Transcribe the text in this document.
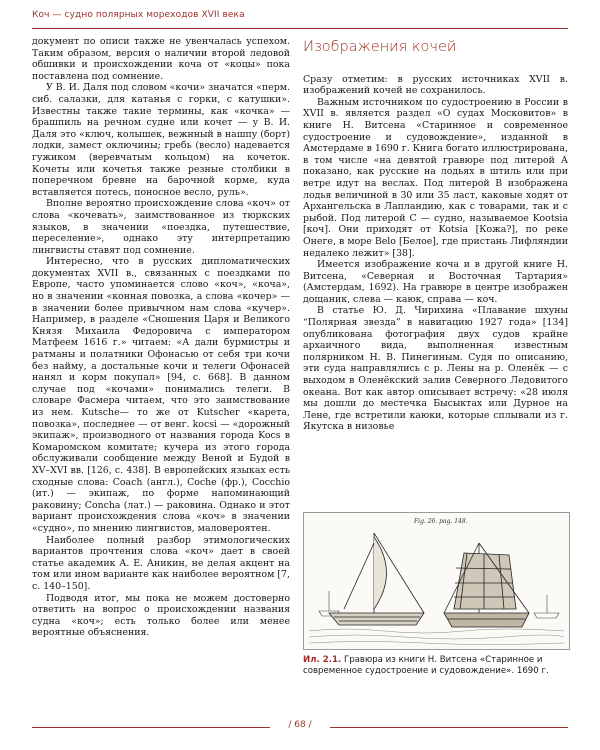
Коч — судно полярных мореходов XVII века

документ по описи также не увенчалась успехом. Таким образом, версия о наличии второй ледовой обшивки и происхождении коча от «коцы» пока поставлена под сомнение.

У В. И. Даля под словом «кочи» значатся «перм. сиб. салазки, для катанья с горки, с катушки». Известны также такие термины, как «кочка» — брашпиль на речном судне или кочет — у В. И. Даля это «ключ, колышек, вежнный в нашпу (борт) лодки, замест оключины; гребь (весло) надевается гужиком (веревчатым кольцом) на кочеток. Кочеты или кочетья также резные столбики в поперечном бревне на барочной корме, куда вставляется потесь, поносное весло, руль».

Вполне вероятно происхождение слова «коч» от слова «кочевать», заимствованное из тюркских языков, в значении «поездка, путешествие, переселение», однако эту интерпретацию лингвисты ставят под сомнение.

Интересно, что в русских дипломатических документах XVII в., связанных с поездками по Европе, часто упоминается слово «коч», «коча», но в значении «конная повозка, а слова «кочер» — в значении более привычном нам слова «кучер». Например, в разделе «Сношения Царя и Великого Князя Михаила Федоровича с императором Матфеем 1616 г.» читаем: «А дали бурмистры и ратманы и полатники Офонасью от себя три кочи без найму, а достальные кочи и телеги Офонасей нанял и корм покупал» [94, с. 668]. В данном случае под «кочами» понимались телеги. В словаре Фасмера читаем, что это заимствование из нем. Kutsche— то же от Kutscher «карета, повозка», последнее — от венг. kocsi — «дорожный экипаж», производного от названия города Kocs в Комаромском комитате; кучера из этого города обслуживали сообщение между Веной и Будой в XV–XVI вв. [126, с. 438]. В европейских языках есть сходные слова: Coach (англ.), Coche (фр.), Cocchio (ит.) — экипаж, по форме напоминающий раковину; Concha (лат.) — раковина. Однако и этот вариант происхождения слова «коч» в значении «судно», по мнению лингвистов, маловероятен.

Наиболее полный разбор этимологических вариантов прочтения слова «коч» дает в своей статье академик А. Е. Аникин, не делая акцент на том или ином варианте как наиболее вероятном [7, с. 140–150].

Подводя итог, мы пока не можем достоверно ответить на вопрос о происхождении названия судна «коч»; есть только более или менее вероятные объяснения.

Изображения кочей

Сразу отметим: в русских источниках XVII в. изображений кочей не сохранилось.

Важным источником по судостроению в России в XVII в. является раздел «О судах Московитов» в книге Н. Витсена «Старинное и современное судостроение и судовождение», изданной в Амстердаме в 1690 г. Книга богато иллюстрирована, в том числе «на девятой гравюре под литерой А показано, как русские на лодьях в штиль или при ветре идут на веслах. Под литерой B изображена лодья величиной в 30 или 35 ласт, каковые ходят от Архангельска в Лапландию, как с товарами, так и с рыбой. Под литерой С — судно, называемое Kootsia [коч]. Они приходят от Kotsia [Кожа?], по реке Онеге, в море Belo [Белое], где пристань Лифляндии недалеко лежит» [38].

Имеется изображение коча и в другой книге Н. Витсена, «Северная и Восточная Тартария» (Амстердам, 1692). На гравюре в центре изображен дощаник, слева — каюк, справа — коч.

В статье Ю. Д. Чирихина «Плавание шхуны “Полярная звезда” в навигацию 1927 года» [134] опубликована фотография двух судов крайне архаичного вида, выполненная известным полярником Н. В. Пинегиным. Судя по описанию, эти суда направлялись с р. Лены на р. Оленёк — с выходом в Оленёкский залив Северного Ледовитого океана. Вот как автор описывает встречу: «28 июля мы дошли до местечка Бысыктах или Дурное на Лене, где встретили каюки, которые сплывали из г. Якутска в низовье

Fig. 26. pag. 148.
Ил. 2.1. Гравюра из книги Н. Витсена «Старинное и современное судостроение и судовождение». 1690 г.
/ 68 /
